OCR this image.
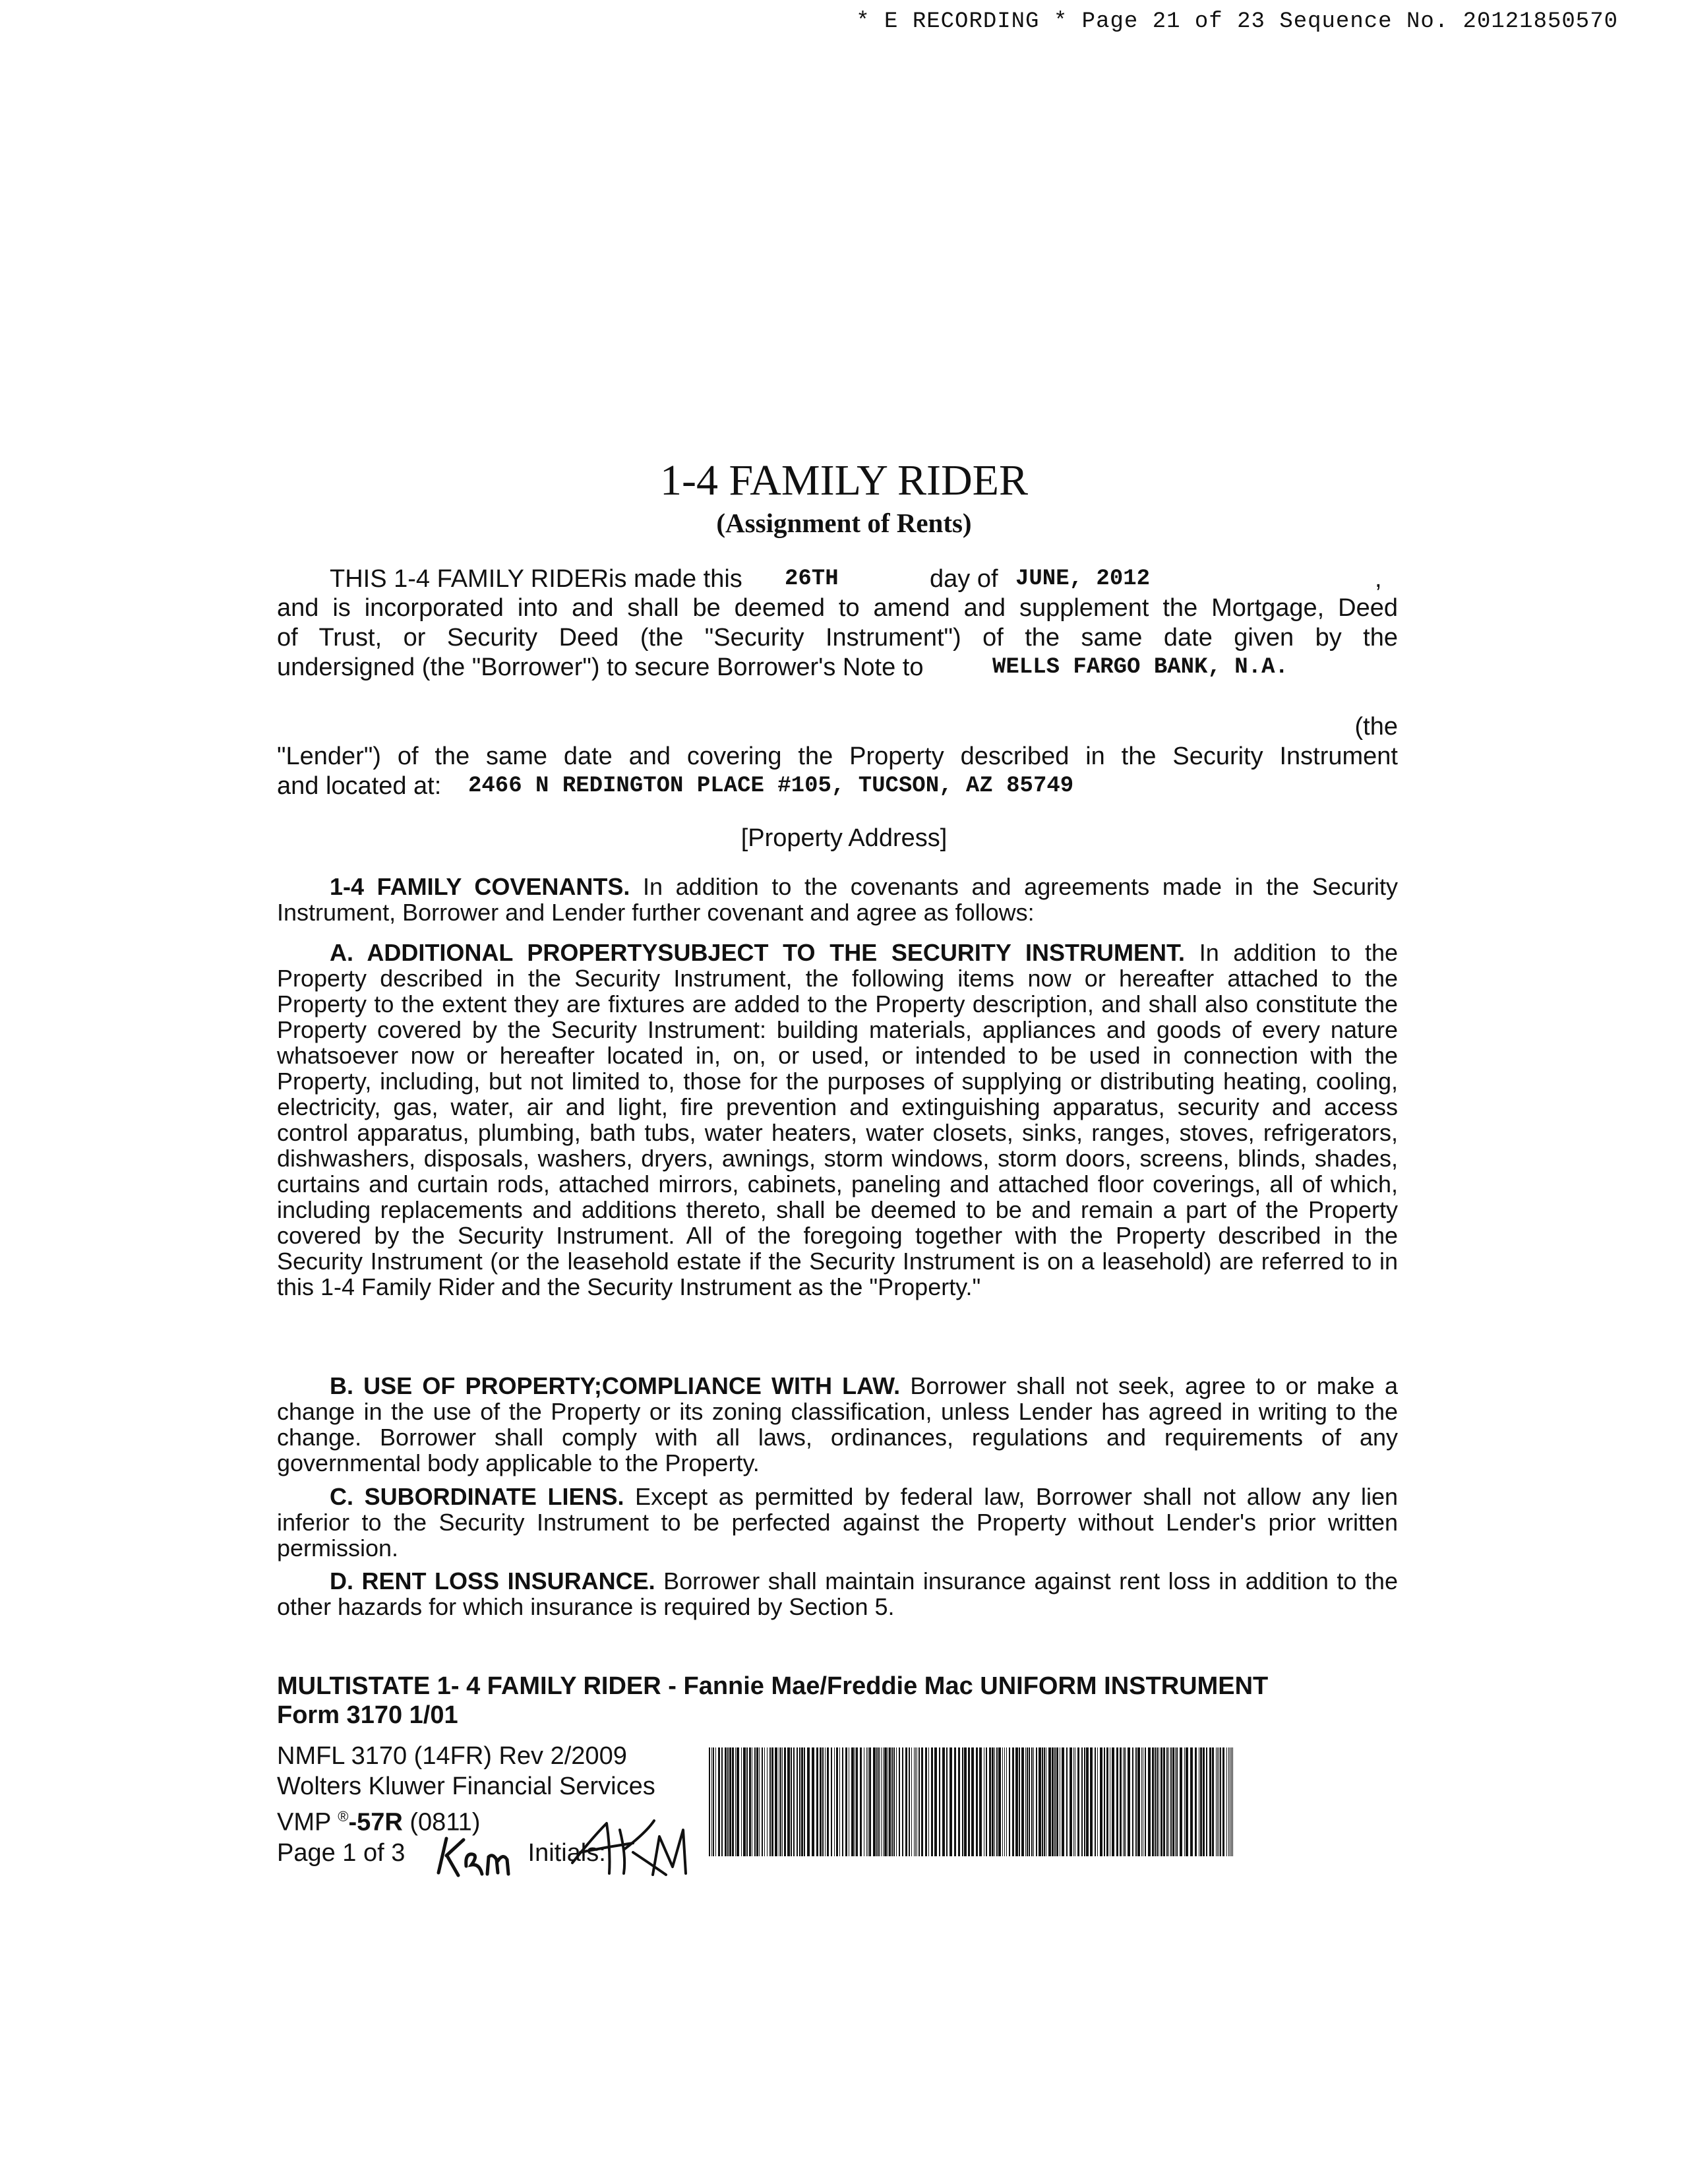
* E RECORDING * Page 21 of 23 Sequence No. 20121850570
1-4 FAMILY RIDER
(Assignment of Rents)
THIS 1-4 FAMILY RIDERis made this 26TH	day of JUNE, 2012	,
and is incorporated into and shall be deemed to amend and supplement the Mortgage, Deed
of Trust, or Security Deed (the "Security Instrument") of the same date given by the
undersigned (the "Borrower") to secure Borrower's Note to	WELLS FARGO BANK, N.A.
(the
"Lender") of the same date and covering the Property described in the Security Instrument
and located at: 2466 N REDINGTON PLACE #105, TUCSON, AZ 85749
[Property Address]
1-4 FAMILY COVENANTS. In addition to the covenants and agreements made in the Security Instrument, Borrower and Lender further covenant and agree as follows:
A. ADDITIONAL PROPERTYSUBJECT TO THE SECURITY INSTRUMENT. In addition to the Property described in the Security Instrument, the following items now or hereafter attached to the Property to the extent they are fixtures are added to the Property description, and shall also constitute the Property covered by the Security Instrument: building materials, appliances and goods of every nature whatsoever now or hereafter located in, on, or used, or intended to be used in connection with the Property, including, but not limited to, those for the purposes of supplying or distributing heating, cooling, electricity, gas, water, air and light, fire prevention and extinguishing apparatus, security and access control apparatus, plumbing, bath tubs, water heaters, water closets, sinks, ranges, stoves, refrigerators, dishwashers, disposals, washers, dryers, awnings, storm windows, storm doors, screens, blinds, shades, curtains and curtain rods, attached mirrors, cabinets, paneling and attached floor coverings, all of which, including replacements and additions thereto, shall be deemed to be and remain a part of the Property covered by the Security Instrument. All of the foregoing together with the Property described in the Security Instrument (or the leasehold estate if the Security Instrument is on a leasehold) are referred to in this 1-4 Family Rider and the Security Instrument as the "Property."
B. USE OF PROPERTY;COMPLIANCE WITH LAW. Borrower shall not seek, agree to or make a change in the use of the Property or its zoning classification, unless Lender has agreed in writing to the change. Borrower shall comply with all laws, ordinances, regulations and requirements of any governmental body applicable to the Property.
C. SUBORDINATE LIENS. Except as permitted by federal law, Borrower shall not allow any lien inferior to the Security Instrument to be perfected against the Property without Lender's prior written permission.
D. RENT LOSS INSURANCE. Borrower shall maintain insurance against rent loss in addition to the other hazards for which insurance is required by Section 5.
MULTISTATE 1- 4 FAMILY RIDER - Fannie Mae/Freddie Mac UNIFORM INSTRUMENT
Form 3170 1/01
NMFL 3170 (14FR) Rev 2/2009
Wolters Kluwer Financial Services
VMP ®-57R (0811)
Page 1 of 3	Initials:
